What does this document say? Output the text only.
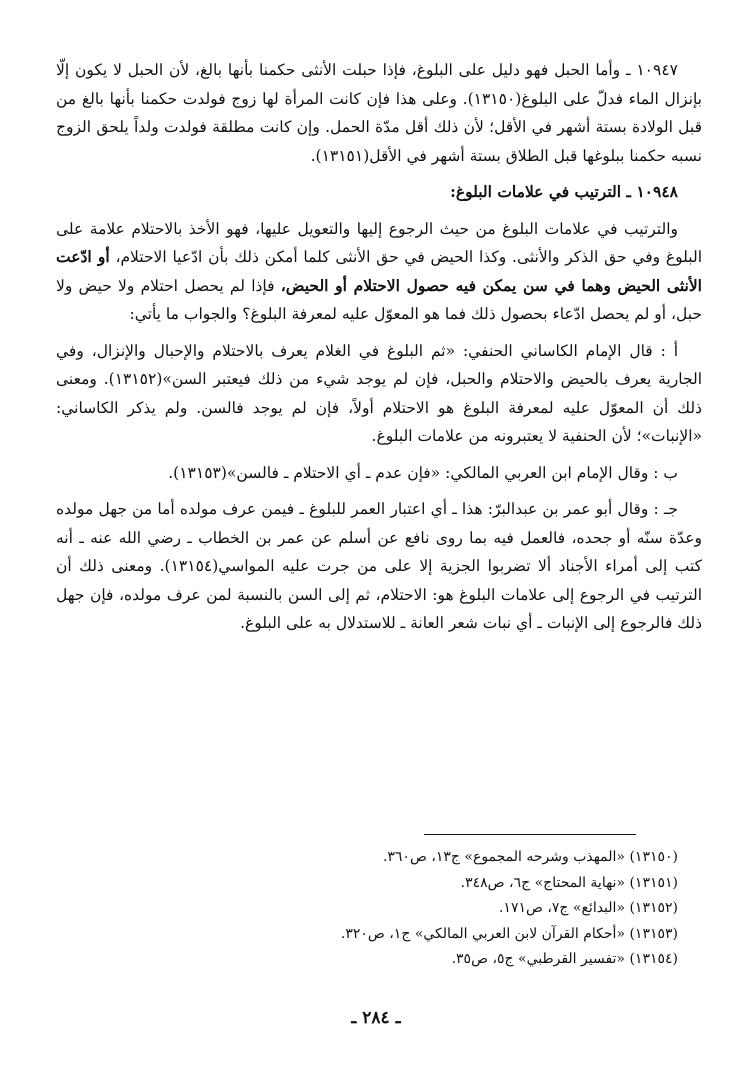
١٠٩٤٧ ـ وأما الحبل فهو دليل على البلوغ، فإذا حبلت الأنثى حكمنا بأنها بالغ، لأن الحبل لا يكون إلّا بإنزال الماء فدلّ على البلوغ(١٣١٥٠). وعلى هذا فإن كانت المرأة لها زوج فولدت حكمنا بأنها بالغ من قبل الولادة بستة أشهر في الأقل؛ لأن ذلك أقل مدّة الحمل. وإن كانت مطلقة فولدت ولداً يلحق الزوج نسبه حكمنا ببلوغها قبل الطلاق بستة أشهر في الأقل(١٣١٥١).

١٠٩٤٨ ـ الترتيب في علامات البلوغ:

والترتيب في علامات البلوغ من حيث الرجوع إليها والتعويل عليها، فهو الأخذ بالاحتلام علامة على البلوغ وفي حق الذكر والأنثى. وكذا الحيض في حق الأنثى كلما أمكن ذلك بأن ادّعيا الاحتلام، أو ادّعت الأنثى الحيض وهما في سن يمكن فيه حصول الاحتلام أو الحيض، فإذا لم يحصل احتلام ولا حيض ولا حبل، أو لم يحصل ادّعاء بحصول ذلك فما هو المعوّل عليه لمعرفة البلوغ؟ والجواب ما يأتي:

أ : قال الإمام الكاساني الحنفي: «ثم البلوغ في الغلام يعرف بالاحتلام والإحبال والإنزال، وفي الجارية يعرف بالحيض والاحتلام والحبل، فإن لم يوجد شيء من ذلك فيعتبر السن»(١٣١٥٢). ومعنى ذلك أن المعوّل عليه لمعرفة البلوغ هو الاحتلام أولاً، فإن لم يوجد فالسن. ولم يذكر الكاساني: «الإنبات»؛ لأن الحنفية لا يعتبرونه من علامات البلوغ.

ب : وقال الإمام ابن العربي المالكي: «فإن عدم ـ أي الاحتلام ـ فالسن»(١٣١٥٣).

جـ : وقال أبو عمر بن عبدالبرّ: هذا ـ أي اعتبار العمر للبلوغ ـ فيمن عرف مولده أما من جهل مولده وعدّة سنّه أو جحده، فالعمل فيه بما روى نافع عن أسلم عن عمر بن الخطاب ـ رضي الله عنه ـ أنه كتب إلى أمراء الأجناد ألا تضربوا الجزية إلا على من جرت عليه المواسي(١٣١٥٤). ومعنى ذلك أن الترتيب في الرجوع إلى علامات البلوغ هو: الاحتلام، ثم إلى السن بالنسبة لمن عرف مولده، فإن جهل ذلك فالرجوع إلى الإنبات ـ أي نبات شعر العانة ـ للاستدلال به على البلوغ.

(١٣١٥٠) «المهذب وشرحه المجموع» ج١٣، ص٣٦٠.
(١٣١٥١) «نهاية المحتاج» ج٦، ص٣٤٨.
(١٣١٥٢) «البدائع» ج٧، ص١٧١.
(١٣١٥٣) «أحكام القرآن لابن العربي المالكي» ج١، ص٣٢٠.
(١٣١٥٤) «تفسير القرطبي» ج٥، ص٣٥.
ـ ٢٨٤ ـ
